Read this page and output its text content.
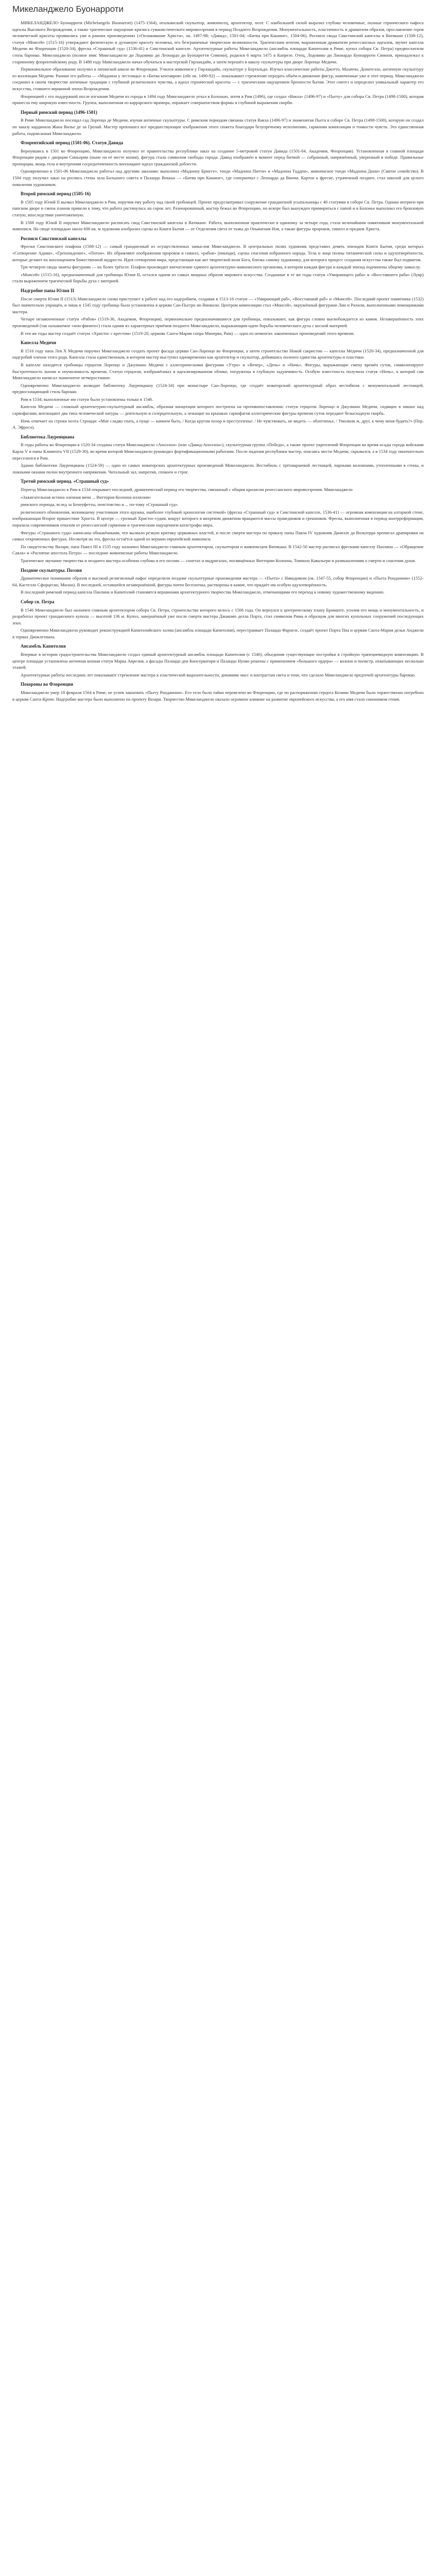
Микеланджело Буонарроти

МИКЕЛАНДЖЕЛО Буонарроти (Michelangelo Buonarroti) (1475-1564), итальянский скульптор, живописец, архитектор, поэт. С наибольшей силой выразил глубоко человечные, полные героического пафоса идеалы Высокого Возрождения, а также трагическое ощущение кризиса гуманистического мировоззрения в период Позднего Возрождения. Монументальность, пластичность и драматизм образов, прославление героя человеческой красоты проявились уже в ранних произведениях («Оплакивание Христа», ок. 1497-98; «Давид», 1501-04; «Битва при Кашине», 1504-06). Росписи свода Сикстинской капеллы в Ватикане (1508-12), статуя «Моисей» (1515-16) утверждают физическую и духовную красоту человека, его безграничные творческие возможности. Трагическим итогом, выраженным драматизм ренессансных идеалов, звучит капелла Медичи во Флоренции (1520-34), фреска «Страшный суд» (1536-41) в Сикстинской капелле. Архитектурные работы Микеланджело (ансамбль площади Капитолия в Риме, купол собора Св. Петра) предвосхитили стиль барокко. Микеланджело (полное имя: Микеланджело ди Лодовико ди Леонардо ди Буонаротти Симони), родился 6 марта 1475 в Капрезе. Отец, Лодовико ди Лионардо Буонарроти Симони, принадлежал к старинному флорентийскому роду. В 1488 году Микеланджело начал обучаться в мастерской Гирландайо, а затем перешёл в школу скульптуры при дворе Лоренцо Медичи.

Первоначальное образование получил в латинской школе во Флоренции. Учился живописи у Гирландайо, скульптуре у Бертольдо. Изучал классические работы Джотто, Мазаччо, Донателло, античную скульптуру из коллекции Медичи. Ранние его работы — «Мадонна у лестницы» и «Битва кентавров» (обе ок. 1490-92) — показывают стремление передать объём и движение фигур, намеченные уже в этот период. Микеланджело соединил в своем творчестве античные традиции с глубиной религиозного чувства, а идеал героической красоты — с трагическим ощущением бренности бытия. Этот синтез и определил уникальный характер его искусства, ставшего вершиной эпохи Возрождения.

Флоренцией с его поддержкой после изгнания Медичи из города в 1494 году Микеланджело уехал в Болонью, затем в Рим (1496), где создал «Вакха» (1496-97) и «Пьету» для собора Св. Петра (1498-1500), которая принесла ему широкую известность. Группа, выполненная из каррарского мрамора, поражает совершенством формы и глубиной выражения скорби.

Первый римский период (1496-1501)

В Риме Микеланджело посещал сад Лоренцо де Медичи, изучая античные скульптуры. С римским периодом связаны статуя Вакха (1496-97) и знаменитая Пьета в соборе Св. Петра (1498-1500), которую он создал по заказу кардинала Жана Вилье де ла Гролай. Мастер превзошел все предшествующие изображения этого сюжета благодаря безупречному исполнению, гармонии композиции и тонкости чувств. Это единственная работа, подписанная Микеланджело.

Флорентийский период (1501-06). Статуя Давида

Вернувшись в 1501 во Флоренцию, Микеланджело получил от правительства республики заказ на создание 5-метровой статуи Давида (1501-04, Академия, Флоренция). Установленная в главной площади Флоренции рядом с дворцом Синьории (ныне на её месте копия), фигура стала символом свободы города. Давид изображён в момент перед битвой — собранный, напряжённый, уверенный в победе. Правильные пропорции, мощь тела и внутренняя сосредоточенность воплощают идеал гражданской доблести.

Одновременно в 1501-06 Микеланджело работал над другими заказами: выполнил «Мадонну Брюгге», тондо «Мадонна Питти» и «Мадонна Таддеи», живописное тондо «Мадонна Дони» (Святое семейство). В 1504 году получил заказ на роспись стены зала Большого совета в Палаццо Веккьо — «Битва при Кашине», где соперничал с Леонардо да Винчи. Картон к фреске, утраченный позднее, стал школой для целого поколения художников.

Второй римский период (1505-16)

В 1505 году Юлий II вызвал Микеланджело в Рим, поручив ему работу над своей гробницей. Проект предусматривал сооружение грандиозной усыпальницы с 40 статуями в соборе Св. Петра. Однако интриги при папском дворе и смена планов привели к тому, что работа растянулась на сорок лет. Разочарованный, мастер бежал во Флоренцию, но вскоре был вынужден примириться с папой и в Болонье выполнил его бронзовую статую, впоследствии уничтоженную.

В 1508 году Юлий II поручил Микеланджело расписать свод Сикстинской капеллы в Ватикане. Работа, выполненная практически в одиночку за четыре года, стала величайшим памятником монументальной живописи. На своде площадью около 600 кв. м художник изобразил сцены из Книги Бытия — от Отделения света от тьмы до Опьянения Ноя, а также фигуры пророков, сивилл и предков Христа.

Росписи Сикстинской капеллы

Фрески Сикстинского плафона (1508-12) — самый грандиозный из осуществленных замыслов Микеланджело. В центральных полях художник представил девять эпизодов Книги Бытия, среди которых «Сотворение Адама», «Грехопадение», «Потоп». Их обрамляют изображения пророков и сивилл, «рабов» (иньюди), сцены спасения избранного народа. Тела и лица полны титанической силы и одухотворённости, которые делают их воплощением божественной мудрости. Идея сотворения мира, предстающая как акт творческой воли Бога, близка самому художнику, для которого процесс создания искусства также был подвигом.

Три четверти свода заняты фигурами — их более трёхсот. Плафон производит впечатление единого архитектурно-живописного организма, в котором каждая фигура и каждый эпизод подчинены общему замыслу.

«Моисей» (1515-16), предназначенный для гробницы Юлия II, остался одним из самых мощных образов мирового искусства. Созданные в те же годы статуи «Умирающего раба» и «Восставшего раба» (Лувр) стали выражением трагической борьбы духа с материей.

Надгробие папы Юлия II

После смерти Юлия II (1513) Микеланджело снова приступает к работе над его надгробием, создавая в 1513-16 статуи — «Умирающий раб», «Восставший раб» и «Моисей». Последний проект памятника (1532) был значительно упрощён, и лишь в 1545 году гробница была установлена в церкви Сан-Пьетро ин Винколи. Центром композиции стал «Моисей», окружённый фигурами Лии и Рахили, выполненными помощниками мастера.

Четыре незаконченные статуи «Рабов» (1519-36, Академия, Флоренция), первоначально предназначавшиеся для гробницы, показывают, как фигура словно высвобождается из камня. Незавершённость этих произведений (так называемое «нон-финито») стала одним из характерных приёмов позднего Микеланджело, выражающим идею борьбы человеческого духа с косной материей.

В эти же годы мастер создаёт статую «Христос с крестом» (1519-20, церковь Санта-Мария сопра Минерва, Рим) — одно из немногих законченных произведений этого времени.

Капелла Медичи

В 1516 году папа Лев X Медичи поручил Микеланджело создать проект фасада церкви Сан-Лоренцо во Флоренции, а затем строительство Новой сакристии — капеллы Медичи (1520-34), предназначенной для надгробий членов этого рода. Капелла стала единственным, в котором мастер выступил одновременно как архитектор и скульптор, добившись полного единства архитектуры и пластики.

В капелле находятся гробницы герцогов Лоренцо и Джулиано Медичи с аллегорическими фигурами «Утро» и «Вечер», «День» и «Ночь». Фигуры, выражающие смену времён суток, символизируют быстротечность жизни и неумолимость времени. Статуи герцогов, изображённых в идеализированном облике, погружены в глубокую задумчивость. Особую известность получила статуя «Ночь», к которой сам Микеланджело написал знаменитое четверостишие.

Одновременно Микеланджело возводит библиотеку Лауренциану (1524-34) при монастыре Сан-Лоренцо, где создаёт новаторский архитектурный образ вестибюля с монументальной лестницей, предвосхищающий стиль барокко.

Рим в 1534; выполненные им статуи были установлены только в 1546.

Капелла Медичи — сложный архитектурно-скульптурный ансамбль, образная концепция которого построена на противопоставлении: статуи герцогов Лоренцо и Джулиано Медичи, сидящих в нишах над саркофагами, воплощают два типа человеческой натуры — деятельную и созерцательную, а лежащие на крышках саркофагов аллегорические фигуры времени суток передают безысходную скорбь.

Ночь отвечает на строки поэта Строцци: «Мне сладко спать, а пуще — камнем быть, / Когда кругом позор и преступленье: / Не чувствовать, не видеть — облегченье, / Умолкни ж, друг, к чему меня будить?» (Пер. А. Эфроса).

Библиотека Лауренциана

В годы работы во Флоренции в 1520-34 созданы статуя Микеланджело «Аполлон» (или «Давид-Аполлон»), скульптурная группа «Победа», а также проект укреплений Флоренции во время осады города войсками Карла V и папы Климента VII (1529-30), во время которой Микеланджело руководил фортификационными работами. После падения республики мастер, опасаясь мести Медичи, скрывался, а в 1534 году окончательно переселился в Рим.

Здание библиотеки Лауренцианы (1524-59) — одно из самых новаторских архитектурных произведений Микеланджело. Вестибюль с трёхмаршевой лестницей, парными колоннами, утопленными в стены, и ложными окнами полон внутреннего напряжения. Читальный зал, напротив, спокоен и строг.

Третий римский период. «Страшный суд»

Переезд Микеланджело в Рим в 1534 открывает последний, драматический период его творчества, связанный с общим кризисом ренессансного мировоззрения. Микеланджело

«Зажигательная истина оленная вичи ... Виттория Колонна иллюзия»

римского периода, вслед за Бенеуфетты, неистовство и ... по-тому «Страшный суд».

религиозного обновления, возникшему участникам этого кружка, наиболее глубокой хронологии системой» (фреска «Страшный суд» в Сикстинской капелле, 1536-41) — огромная композиция на алтарной стене, изображающая Второе пришествие Христа. В центре — грозный Христос-судия, вокруг которого в вихревом движении вращаются массы праведников и грешников. Фреска, выполненная в период контрреформации, поразила современников отказом от ренессансной гармонии и трагическим ощущением катастрофы мира.

Фигуры «Страшного суда» написаны обнажёнными, что вызвало резкую критику церковных властей, и после смерти мастера по приказу папы Павла IV художник Даниэле да Вольтерра прописал драпировки на самых откровенных фигурах. Несмотря на это, фреска остаётся одной из вершин европейской живописи.

По свидетельству Вазари, папа Павел III в 1535 году назначил Микеланджело главным архитектором, скульптором и живописцем Ватикана. В 1542-50 мастер расписал фресками капеллу Паолина — «Обращение Савла» и «Распятие апостола Петра» — последние живописные работы Микеланджело.

Трагическое звучание творчества и позднего мастера особенно глубоко в его поэзии — сонетах и мадригалах, посвящённых Виттории Колонна, Томмазо Кавальери и размышлениям о смерти и спасении души.

Поздние скульптуры. Поэзия

Драматическое понимание образов и высокий религиозный пафос определили поздние скульптурные произведения мастера — «Пьета» с Никодимом (ок. 1547-55, собор Флоренции) и «Пьета Ронданини» (1552-64, Кастелло Сфорцеско, Милан). В последней, оставшейся незавершённой, фигуры почти бесплотны, растворены в камне, что придаёт им особую одухотворённость.

В последний римский период капелла Паолина и Капитолий становятся вершинами архитектурного творчества Микеланджело, отмечающими его переход к новому художественному видению.

Собор св. Петра

В 1546 Микеланджело был назначен главным архитектором собора Св. Петра, строительство которого велось с 1506 года. Он вернулся к центрическому плану Браманте, усилив его мощь и монументальность, и разработал проект грандиозного купола — высотой 136 м. Купол, завершённый уже после смерти мастера Джакомо делла Порта, стал символом Рима и образцом для многих купольных сооружений последующих эпох.

Одновременно Микеланджело руководит реконструкцией Капитолийского холма (ансамбль площади Капитолия), перестраивает Палаццо Фарнезе, создаёт проект Порта Пиа и церкви Санта-Мария дельи Анджели в термах Диоклетиана.

Ансамбль Капитолия

Впервые в истории градостроительства Микеланджело создал единый архитектурный ансамбль площади Капитолия (с 1546), объединив существующие постройки в стройную трапециевидную композицию. В центре площади установлена античная конная статуя Марка Аврелия, а фасады Палаццо деи Консерватори и Палаццо Нуово решены с применением «большого ордера» — колонн и пилястр, охватывающих несколько этажей.

Архитектурные работы последних лет показывают стремление мастера к пластической выразительности, динамике масс и контрастам света и тени, что сделало Микеланджело предтечей архитектуры барокко.

Похороны во Флоренции

Микеланджело умер 18 февраля 1564 в Риме, не успев закончить «Пьету Ронданини». Его тело было тайно перевезено во Флоренцию, где по распоряжению герцога Козимо Медичи было торжественно погребено в церкви Санта-Кроче. Надгробие мастера было выполнено по проекту Вазари. Творчество Микеланджело оказало огромное влияние на развитие европейского искусства, а его имя стало синонимом гения.
